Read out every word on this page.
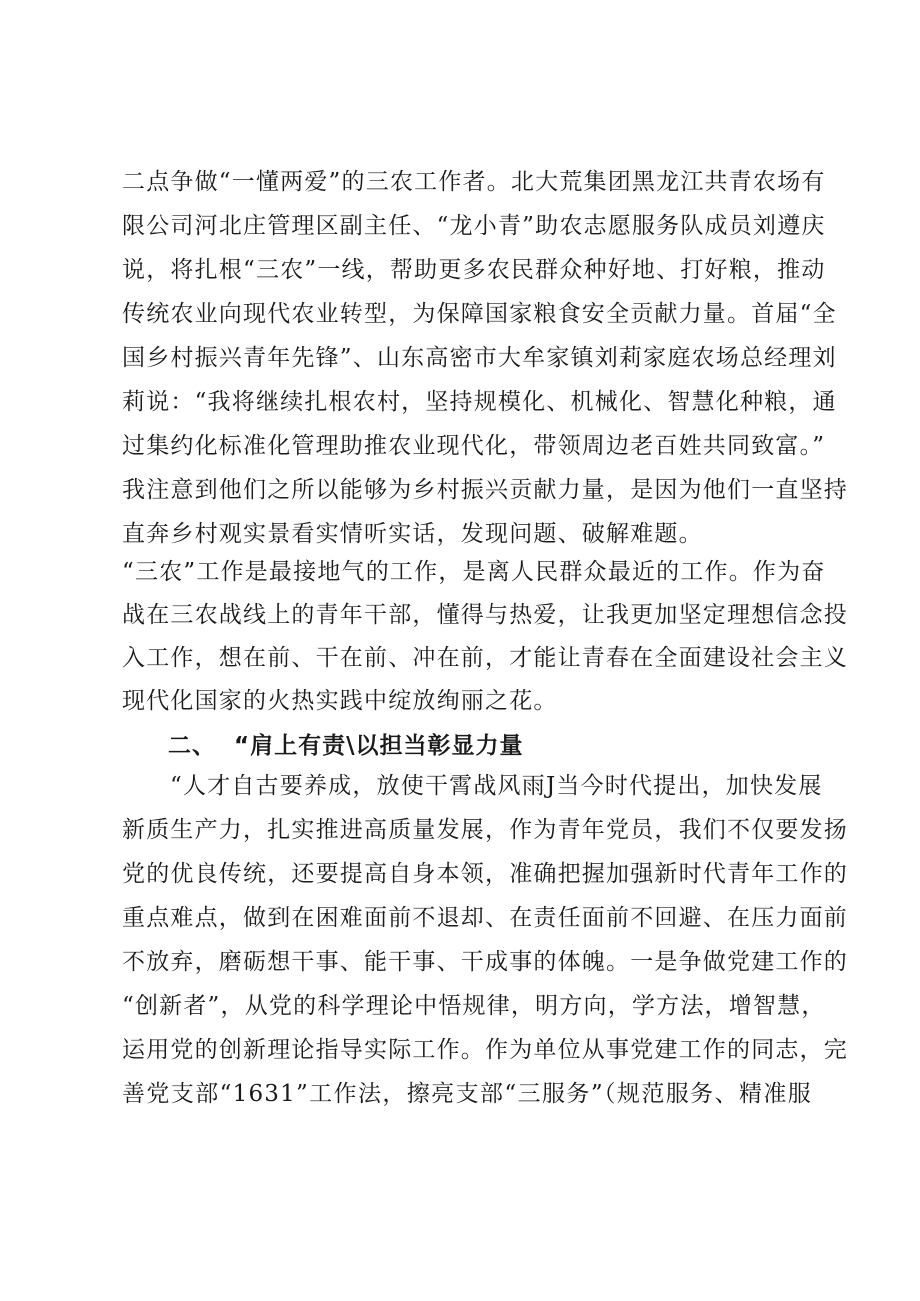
二点争做“一懂两爱”的三农工作者。北大荒集团黑龙江共青农场有
限公司河北庄管理区副主任、“龙小青”助农志愿服务队成员刘遵庆
说，将扎根“三农”一线，帮助更多农民群众种好地、打好粮，推动
传统农业向现代农业转型，为保障国家粮食安全贡献力量。首届“全
国乡村振兴青年先锋”、山东高密市大牟家镇刘莉家庭农场总经理刘
莉说：“我将继续扎根农村，坚持规模化、机械化、智慧化种粮，通
过集约化标准化管理助推农业现代化，带领周边老百姓共同致富。”
我注意到他们之所以能够为乡村振兴贡献力量，是因为他们一直坚持
直奔乡村观实景看实情听实话，发现问题、破解难题。
“三农”工作是最接地气的工作，是离人民群众最近的工作。作为奋
战在三农战线上的青年干部，懂得与热爱，让我更加坚定理想信念投
入工作，想在前、干在前、冲在前，才能让青春在全面建设社会主义
现代化国家的火热实践中绽放绚丽之花。
二、 “肩上有责\以担当彰显力量
“人才自古要养成，放使干霄战风雨J当今时代提出，加快发展
新质生产力，扎实推进高质量发展，作为青年党员，我们不仅要发扬
党的优良传统，还要提高自身本领，准确把握加强新时代青年工作的
重点难点，做到在困难面前不退却、在责任面前不回避、在压力面前
不放弃，磨砺想干事、能干事、干成事的体魄。一是争做党建工作的
“创新者”，从党的科学理论中悟规律，明方向，学方法，增智慧，
运用党的创新理论指导实际工作。作为单位从事党建工作的同志，完
善党支部“1631”工作法，擦亮支部“三服务”（规范服务、精准服
